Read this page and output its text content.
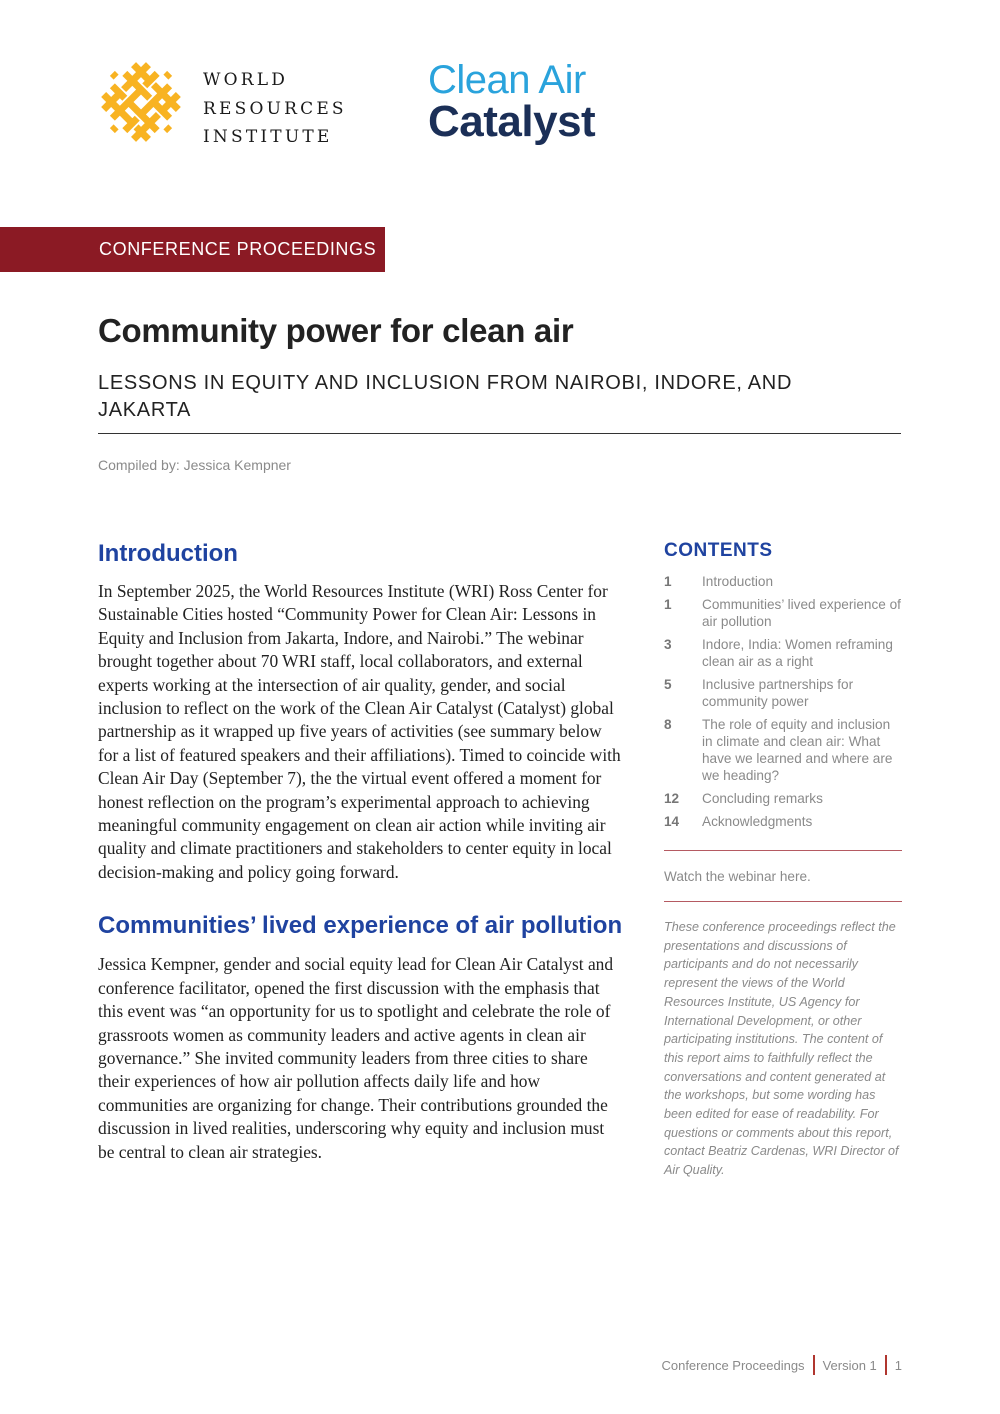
WORLD
RESOURCES
INSTITUTE
Clean Air
Catalyst
CONFERENCE PROCEEDINGS
Community power for clean air

LESSONS IN EQUITY AND INCLUSION FROM NAIROBI, INDORE, AND JAKARTA

Compiled by: Jessica Kempner
Introduction

In September 2025, the World Resources Institute (WRI) Ross Center for Sustainable Cities hosted “Community Power for Clean Air: Lessons in Equity and Inclusion from Jakarta, Indore, and Nairobi.” The webinar brought together about 70 WRI staff, local collaborators, and external experts working at the intersection of air quality, gender, and social inclusion to reflect on the work of the Clean Air Catalyst (Catalyst) global partnership as it wrapped up five years of activities (see summary below for a list of featured speakers and their affiliations). Timed to coincide with Clean Air Day (September 7), the the virtual event offered a moment for honest reflection on the program’s experimental approach to achieving meaningful community engagement on clean air action while inviting air quality and climate practitioners and stakeholders to center equity in local decision-making and policy going forward.

Communities’ lived experience of air pollution

Jessica Kempner, gender and social equity lead for Clean Air Catalyst and conference facilitator, opened the first discussion with the emphasis that this event was “an opportunity for us to spotlight and celebrate the role of grassroots women as community leaders and active agents in clean air governance.” She invited community leaders from three cities to share their experiences of how air pollution affects daily life and how communities are organizing for change. Their contributions grounded the discussion in lived realities, underscoring why equity and inclusion must be central to clean air strategies.

CONTENTS
1	Introduction
1	Communities’ lived experience of air pollution
3	Indore, India: Women reframing clean air as a right
5	Inclusive partnerships for community power
8	The role of equity and inclusion in climate and clean air: What have we learned and where are we heading?
12	Concluding remarks
14	Acknowledgments
Watch the webinar here.

These conference proceedings reflect the presentations and discussions of participants and do not necessarily represent the views of the World Resources Institute, US Agency for International Development, or other participating institutions. The content of this report aims to faithfully reflect the conversations and content generated at the workshops, but some wording has been edited for ease of readability. For questions or comments about this report, contact Beatriz Cardenas, WRI Director of Air Quality.

Conference Proceedings Version 1 1
